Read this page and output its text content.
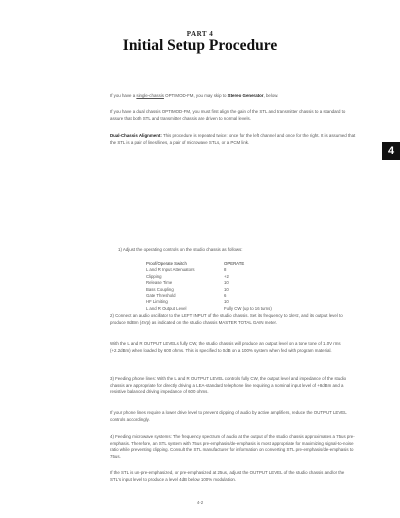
PART 4
Initial Setup Procedure
4

If you have a single-chassis OPTIMOD-FM, you may skip to Stereo Generator, below.

If you have a dual chassis OPTIMOD-FM, you must first align the gain of the STL and transmitter chassis to a standard to assure that both STL and transmitter chassis are driven to normal levels.

Dual-Chassis Alignment: This procedure is repeated twice: once for the left channel and once for the right. It is assumed that the STL is a pair of lines/lines, a pair of microwave STLs, or a PCM link.

1) Adjust the operating controls on the studio chassis as follows:

Proof/Operate Switch	OPERATE
L and R Input Attenuators	8
Clipping	+2
Release Time	10
Bass Coupling	10
Gate Threshold	6
HF Limiting	10
L and R Output Level	Fully CW (up to 16 turns)

2) Connect an audio oscillator to the LEFT INPUT of the studio chassis. Set its frequency to 1kHz, and its output level to produce 8dBm (4Vp) as indicated on the studio chassis MASTER TOTAL GAIN meter.

With the L and R OUTPUT LEVELs fully CW, the studio chassis will produce an output level on a tone tone of 1.0V rms (+2.2dBm) when loaded by 600 ohms. This is specified to 0dB on a 100% system when fed with program material.

3) Feeding phone lines: With the L and R OUTPUT LEVEL controls fully CW, the output level and impedance of the studio chassis are appropriate for directly driving a LEA-standard telephone line requiring a nominal input level of +8dBm and a resistive balanced driving impedance of 600 ohms.

If your phone lines require a lower drive level to prevent clipping of audio by active amplifiers, reduce the OUTPUT LEVEL controls accordingly.

4) Feeding microwave systems: The frequency spectrum of audio at the output of the studio chassis approximates a 75us pre-emphasis. Therefore, an STL system with 75us pre-emphasis/de-emphasis is most appropriate for maximizing signal-to-noise ratio while preventing clipping. Consult the STL manufacturer for information on converting STL pre-emphasis/de-emphasis to 75us.

If the STL is un-pre-emphasized, or pre-emphasized at 25us, adjust the OUTPUT LEVEL of the studio chassis and/or the STL's input level to produce a level 4dB below 100% modulation.

4-2
